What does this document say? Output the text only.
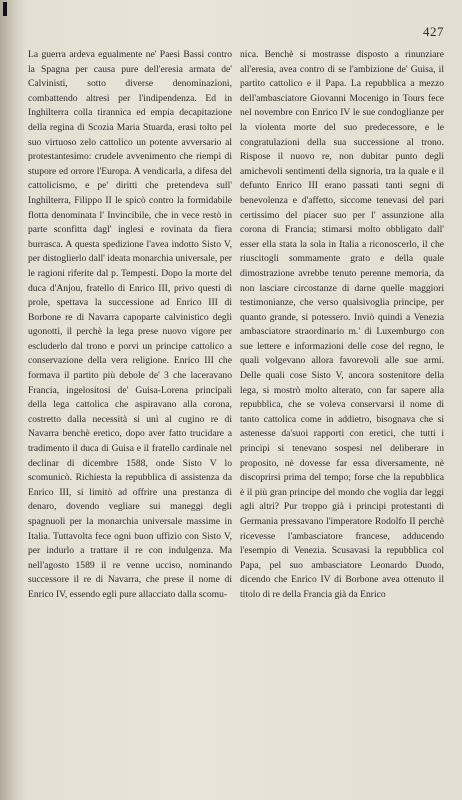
427

La guerra ardeva egualmente ne' Paesi Bassi contro la Spagna per causa pure dell'eresia armata de' Calvinisti, sotto diverse denominazioni, combattendo altresì per l'indipendenza. Ed in Inghilterra colla tirannica ed empia decapitazione della regina di Scozia Maria Stuarda, erasi tolto pel suo virtuoso zelo cattolico un potente avversario al protestantesimo: crudele avvenimento che riempì di stupore ed orrore l'Europa. A vendicarla, a difesa del cattolicismo, e pe' diritti che pretendeva sull' Inghilterra, Filippo II le spicò contro la formidabile flotta denominata l' Invincibile, che in vece restò in parte sconfitta dagl' inglesi e rovinata da fiera burrasca. A questa spedizione l'avea indotto Sisto V, per distoglierlo dall' ideata monarchia universale, per le ragioni riferite dal p. Tempesti. Dopo la morte del duca d'Anjou, fratello di Enrico III, privo questi di prole, spettava la successione ad Enrico III di Borbone re di Navarra capoparte calvinistico degli ugonotti, il perchè la lega prese nuovo vigore per escluderlo dal trono e porvi un principe cattolico a conservazione della vera religione. Enrico III che formava il partito più debole de' 3 che laceravano Francia, ingelositosi de' Guisa-Lorena principali della lega cattolica che aspiravano alla corona, costretto dalla necessità si unì al cugino re di Navarra benchè eretico, dopo aver fatto trucidare a tradimento il duca di Guisa e il fratello cardinale nel declinar di dicembre 1588, onde Sisto V lo scomunicò. Richiesta la repubblica di assistenza da Enrico III, si limitò ad offrire una prestanza di denaro, dovendo vegliare sui maneggi degli spagnuoli per la monarchia universale massime in Italia. Tuttavolta fece ogni buon uffizio con Sisto V, per indurlo a trattare il re con indulgenza. Ma nell'agosto 1589 il re venne ucciso, nominando successore il re di Navarra, che prese il nome di Enrico IV, essendo egli pure allacciato dalla scomu-

nica. Benchè si mostrasse disposto a rinunziare all'eresia, avea contro di se l'ambizione de' Guisa, il partito cattolico e il Papa. La repubblica a mezzo dell'ambasciatore Giovanni Mocenigo in Tours fece nel novembre con Enrico IV le sue condoglianze per la violenta morte del suo predecessore, e le congratulazioni della sua successione al trono. Rispose il nuovo re, non dubitar punto degli amichevoli sentimenti della signoria, tra la quale e il defunto Enrico III erano passati tanti segni di benevolenza e d'affetto, siccome tenevasi del pari certissimo del piacer suo per l' assunzione alla corona di Francia; stimarsi molto obbligato dall' esser ella stata la sola in Italia a riconoscerlo, il che riuscitogli sommamente grato e della quale dimostrazione avrebbe tenuto perenne memoria, da non lasciare circostanze di darne quelle maggiori testimonianze, che verso qualsivoglia principe, per quanto grande, si potessero. Inviò quindi a Venezia ambasciatore straordinario m.' di Luxemburgo con sue lettere e informazioni delle cose del regno, le quali volgevano allora favorevoli alle sue armi. Delle quali cose Sisto V, ancora sostenitore della lega, si mostrò molto alterato, con far sapere alla repubblica, che se voleva conservarsi il nome di tanto cattolica come in addietro, bisognava che si astenesse da'suoi rapporti con eretici, che tutti i principi si tenevano sospesi nel deliberare in proposito, nè dovesse far essa diversamente, nè discoprirsi prima del tempo; forse che la repubblica è il più gran principe del mondo che voglia dar leggi agli altri? Pur troppo già i principi protestanti di Germania pressavano l'imperatore Rodolfo II perchè ricevesse l'ambasciatore francese, adducendo l'esempio di Venezia. Scusavasi la repubblica col Papa, pel suo ambasciatore Leonardo Duodo, dicendo che Enrico IV di Borbone avea ottenuto il titolo di re della Francia già da Enrico
